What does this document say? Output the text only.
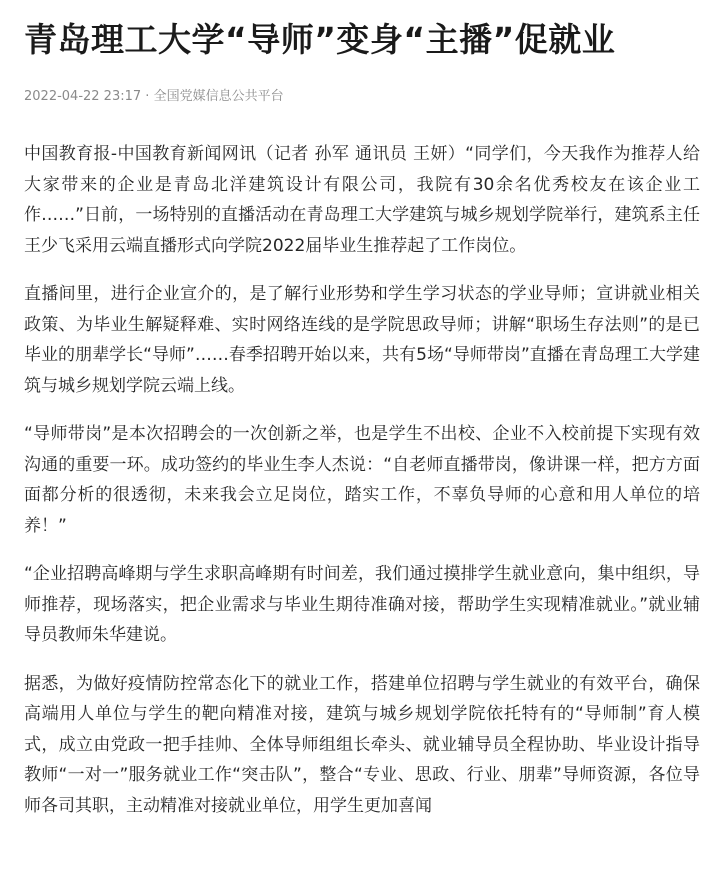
青岛理工大学“导师”变身“主播”促就业
2022-04-22 23:17 · 全国党媒信息公共平台

中国教育报-中国教育新闻网讯（记者 孙军 通讯员 王妍）“同学们，今天我作为推荐人给大家带来的企业是青岛北洋建筑设计有限公司，我院有30余名优秀校友在该企业工作……”日前，一场特别的直播活动在青岛理工大学建筑与城乡规划学院举行，建筑系主任王少飞采用云端直播形式向学院2022届毕业生推荐起了工作岗位。

直播间里，进行企业宣介的，是了解行业形势和学生学习状态的学业导师；宣讲就业相关政策、为毕业生解疑释难、实时网络连线的是学院思政导师；讲解“职场生存法则”的是已毕业的朋辈学长“导师”……春季招聘开始以来，共有5场“导师带岗”直播在青岛理工大学建筑与城乡规划学院云端上线。

“导师带岗”是本次招聘会的一次创新之举，也是学生不出校、企业不入校前提下实现有效沟通的重要一环。成功签约的毕业生李人杰说：“自老师直播带岗，像讲课一样，把方方面面都分析的很透彻，未来我会立足岗位，踏实工作，不辜负导师的心意和用人单位的培养！”

“企业招聘高峰期与学生求职高峰期有时间差，我们通过摸排学生就业意向，集中组织，导师推荐，现场落实，把企业需求与毕业生期待准确对接，帮助学生实现精准就业。”就业辅导员教师朱华建说。

据悉，为做好疫情防控常态化下的就业工作，搭建单位招聘与学生就业的有效平台，确保高端用人单位与学生的靶向精准对接，建筑与城乡规划学院依托特有的“导师制”育人模式，成立由党政一把手挂帅、全体导师组组长牵头、就业辅导员全程协助、毕业设计指导教师“一对一”服务就业工作“突击队”，整合“专业、思政、行业、朋辈”导师资源，各位导师各司其职，主动精准对接就业单位，用学生更加喜闻
